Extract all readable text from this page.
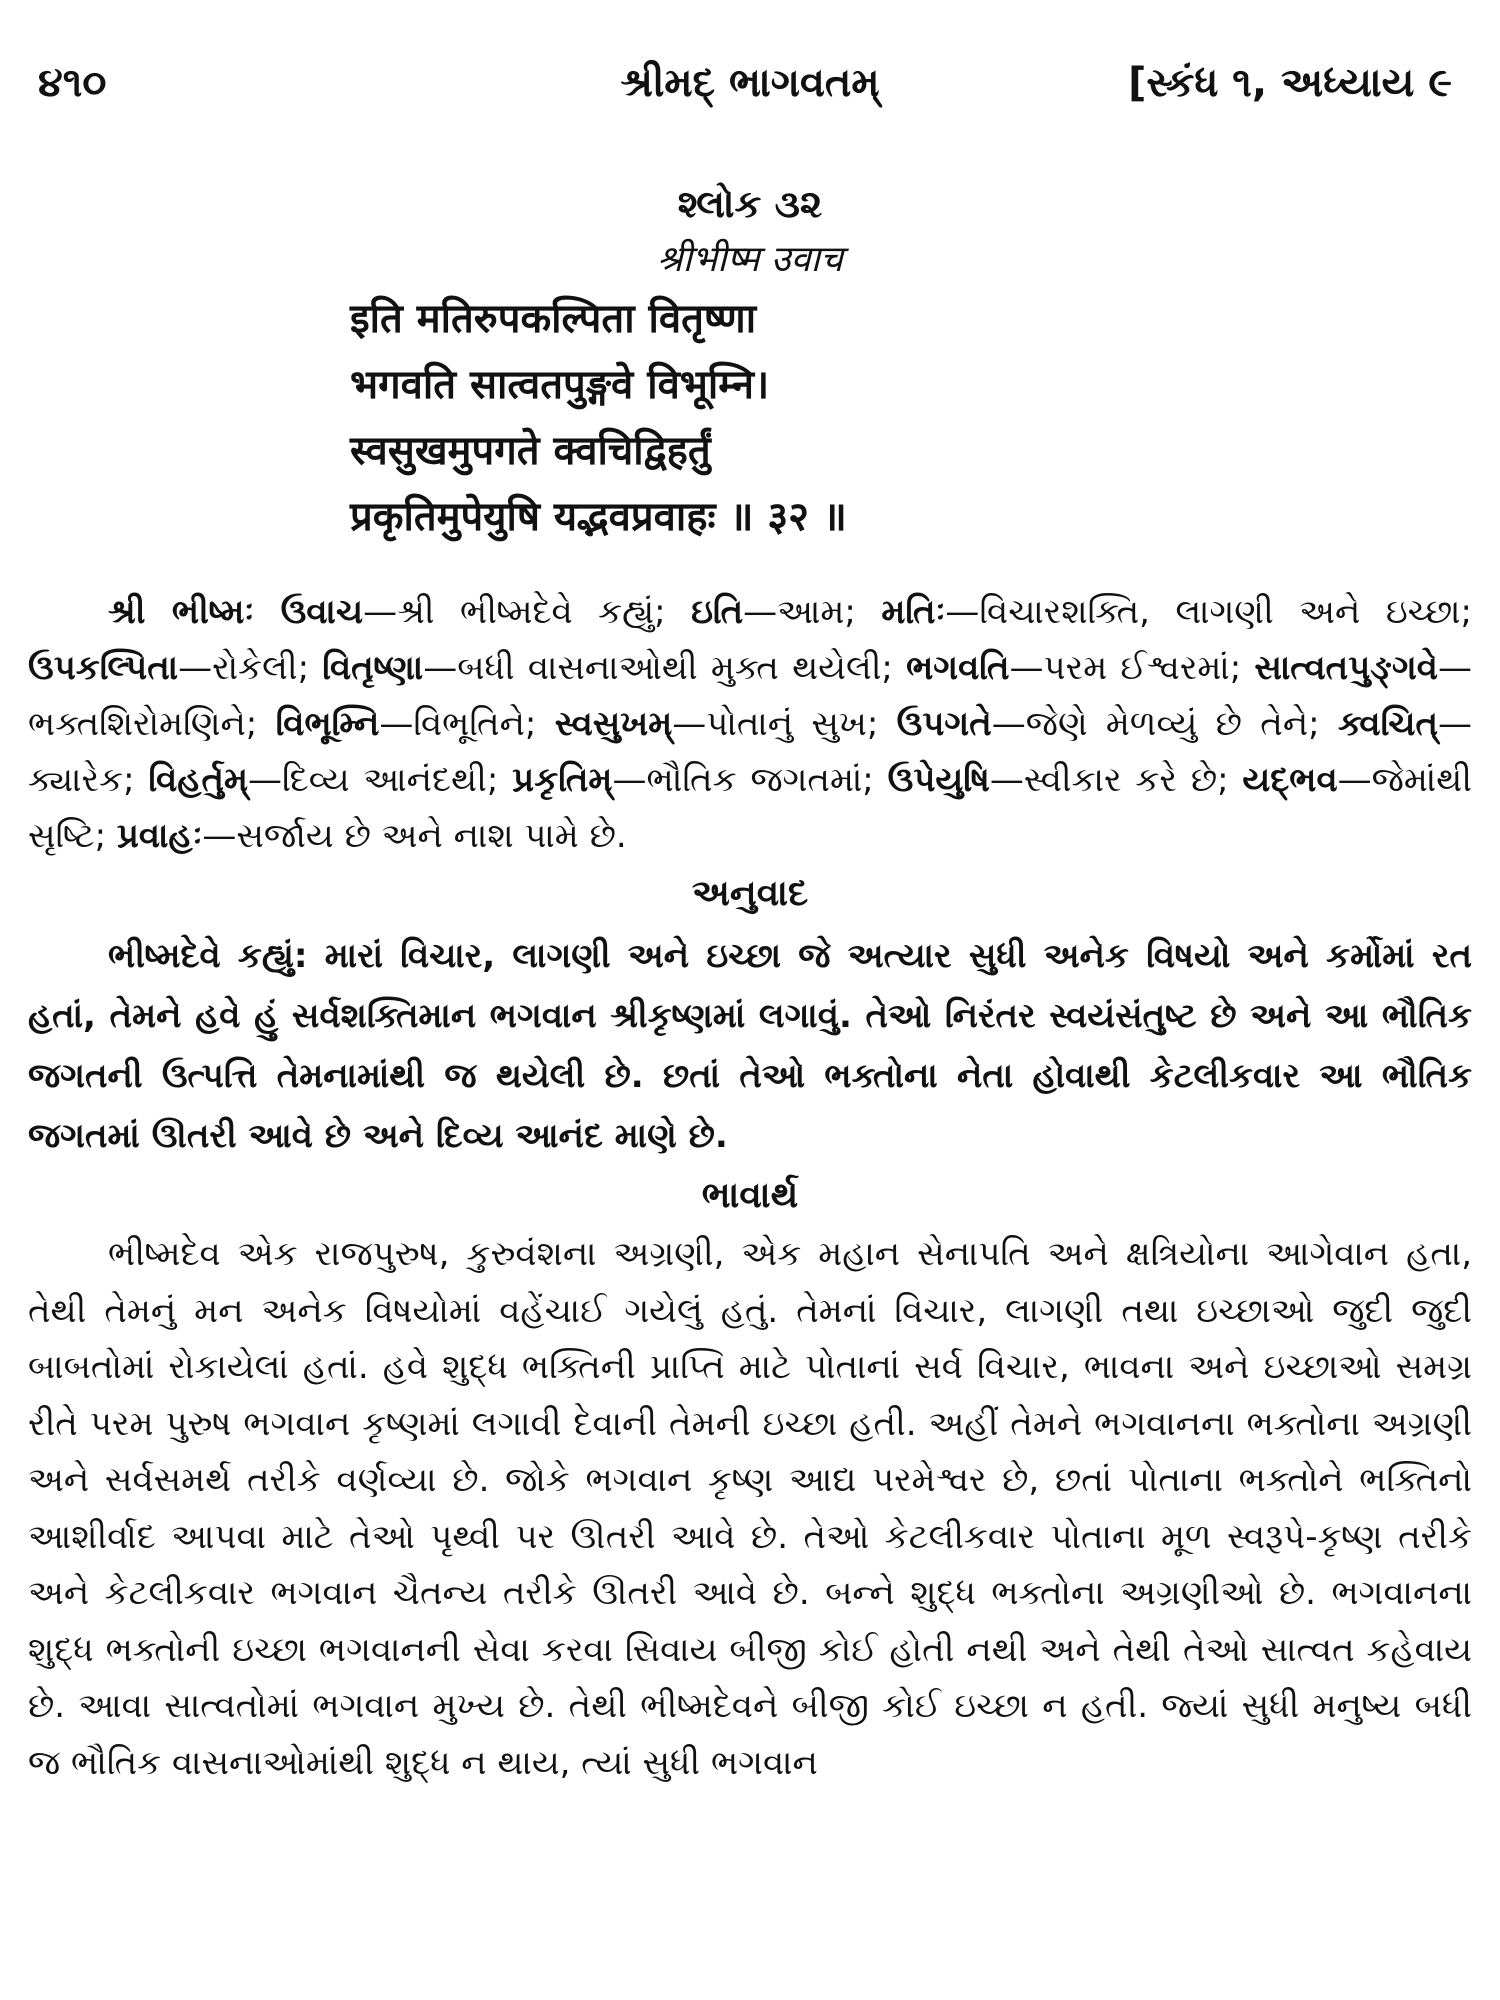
૪૧૦	શ્રીમદ્ ભાગવતમ્	[સ્કંધ ૧, અધ્યાય ૯
શ્લોક ૩૨
श्रीभीष्म उवाच
इति मतिरुपकल्पिता वितृष्णा
भगवति सात्वतपुङ्गवे विभूम्नि।
स्वसुखमुपगते क्वचिद्विहर्तुं
प्रकृतिमुपेयुषि यद्भवप्रवाहः ॥ ३२ ॥
શ્રી ભીષ્મઃ ઉવાચ—શ્રી ભીષ્મદેવે કહ્યું; ઇતિ—આમ; મતિઃ—વિચારશક્તિ, લાગણી અને ઇચ્છા; ઉપકલ્પિતા—રોકેલી; વિતૃષ્ણા—બધી વાસનાઓથી મુક્ત થયેલી; ભગવતિ—પરમ ઈશ્વરમાં; સાત્વતપુઙ્ગવે—ભક્તશિરોમણિને; વિભૂમ્નિ—વિભૂતિને; સ્વસુખમ્—પોતાનું સુખ; ઉપગતે—જેણે મેળવ્યું છે તેને; ક્વચિત્—ક્યારેક; વિહર્તુમ્—દિવ્ય આનંદથી; પ્રકૃતિમ્—ભૌતિક જગતમાં; ઉપેયુષિ—સ્વીકાર કરે છે; યદ્ભવ—જેમાંથી સૃષ્ટિ; પ્રવાહઃ—સર્જાય છે અને નાશ પામે છે.
અનુવાદ

ભીષ્મદેવે કહ્યું: મારાં વિચાર, લાગણી અને ઇચ્છા જે અત્યાર સુધી અનેક વિષયો અને કર્મોમાં રત હતાં, તેમને હવે હું સર્વશક્તિમાન ભગવાન શ્રીકૃષ્ણમાં લગાવું. તેઓ નિરંતર સ્વયંસંતુષ્ટ છે અને આ ભૌતિક જગતની ઉત્પત્તિ તેમનામાંથી જ થયેલી છે. છતાં તેઓ ભક્તોના નેતા હોવાથી કેટલીકવાર આ ભૌતિક જગતમાં ઊતરી આવે છે અને દિવ્ય આનંદ માણે છે.

ભાવાર્થ

ભીષ્મદેવ એક રાજપુરુષ, કુરુવંશના અગ્રણી, એક મહાન સેનાપતિ અને ક્ષત્રિયોના આગેવાન હતા, તેથી તેમનું મન અનેક વિષયોમાં વહેંચાઈ ગયેલું હતું. તેમનાં વિચાર, લાગણી તથા ઇચ્છાઓ જુદી જુદી બાબતોમાં રોકાયેલાં હતાં. હવે શુદ્ધ ભક્તિની પ્રાપ્તિ માટે પોતાનાં સર્વ વિચાર, ભાવના અને ઇચ્છાઓ સમગ્ર રીતે પરમ પુરુષ ભગવાન કૃષ્ણમાં લગાવી દેવાની તેમની ઇચ્છા હતી. અહીં તેમને ભગવાનના ભક્તોના અગ્રણી અને સર્વસમર્થ તરીકે વર્ણવ્યા છે. જોકે ભગવાન કૃષ્ણ આદ્ય પરમેશ્વર છે, છતાં પોતાના ભક્તોને ભક્તિનો આશીર્વાદ આપવા માટે તેઓ પૃથ્વી પર ઊતરી આવે છે. તેઓ કેટલીકવાર પોતાના મૂળ સ્વરૂપે-કૃષ્ણ તરીકે અને કેટલીકવાર ભગવાન ચૈતન્ય તરીકે ઊતરી આવે છે. બન્ને શુદ્ધ ભક્તોના અગ્રણીઓ છે. ભગવાનના શુદ્ધ ભક્તોની ઇચ્છા ભગવાનની સેવા કરવા સિવાય બીજી કોઈ હોતી નથી અને તેથી તેઓ સાત્વત કહેવાય છે. આવા સાત્વતોમાં ભગવાન મુખ્ય છે. તેથી ભીષ્મદેવને બીજી કોઈ ઇચ્છા ન હતી. જ્યાં સુધી મનુષ્ય બધી જ ભૌતિક વાસનાઓમાંથી શુદ્ધ ન થાય, ત્યાં સુધી ભગવાન
